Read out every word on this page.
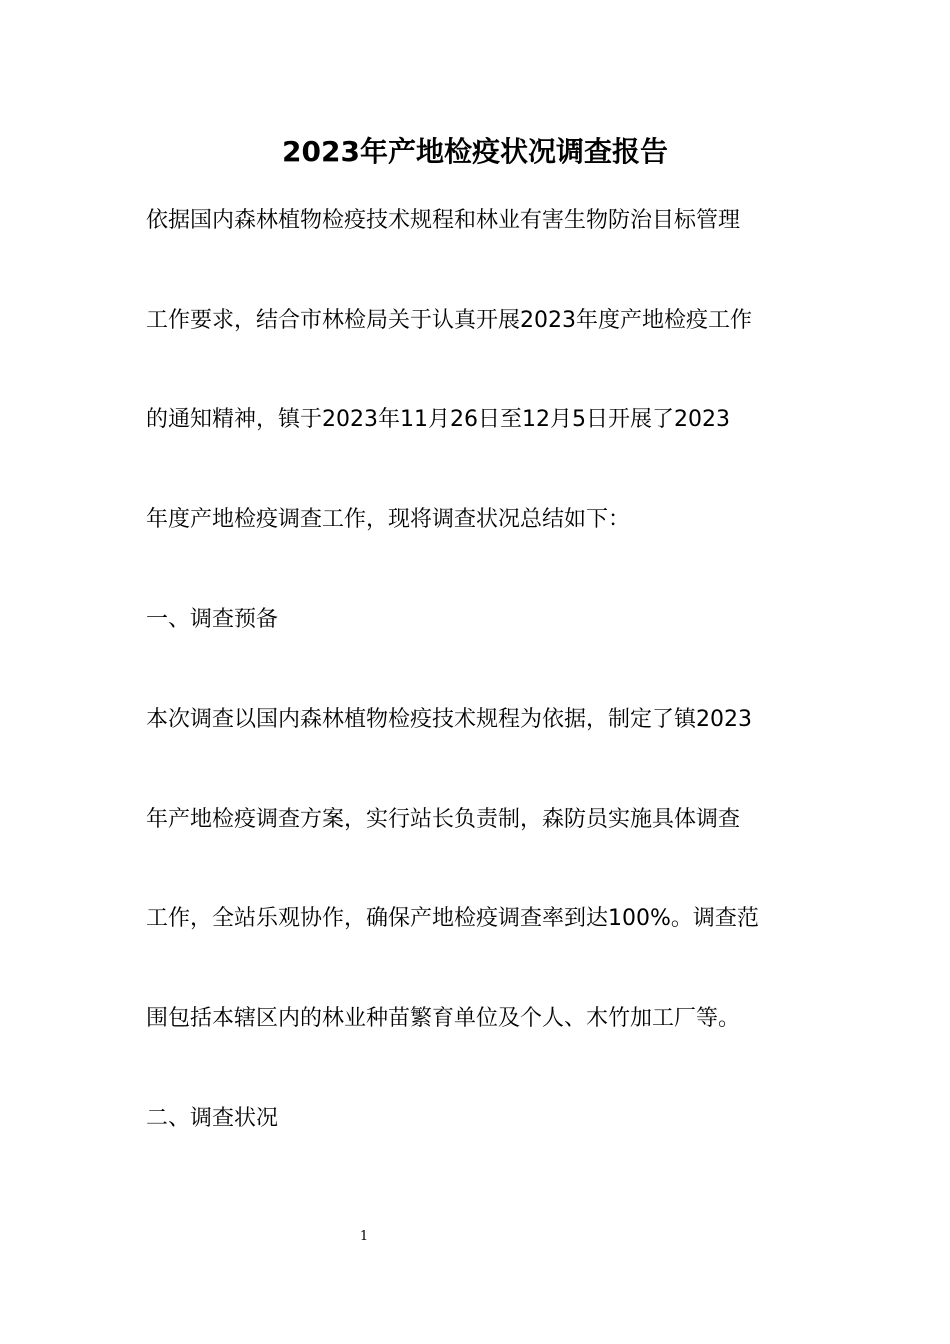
2023年产地检疫状况调查报告

依据国内森林植物检疫技术规程和林业有害生物防治目标管理

工作要求，结合市林检局关于认真开展2023年度产地检疫工作

的通知精神，镇于2023年11月26日至12月5日开展了2023

年度产地检疫调查工作，现将调查状况总结如下：

一、调查预备

本次调查以国内森林植物检疫技术规程为依据，制定了镇2023

年产地检疫调查方案，实行站长负责制，森防员实施具体调查

工作，全站乐观协作，确保产地检疫调查率到达100%。调查范

围包括本辖区内的林业种苗繁育单位及个人、木竹加工厂等。

二、调查状况

1
